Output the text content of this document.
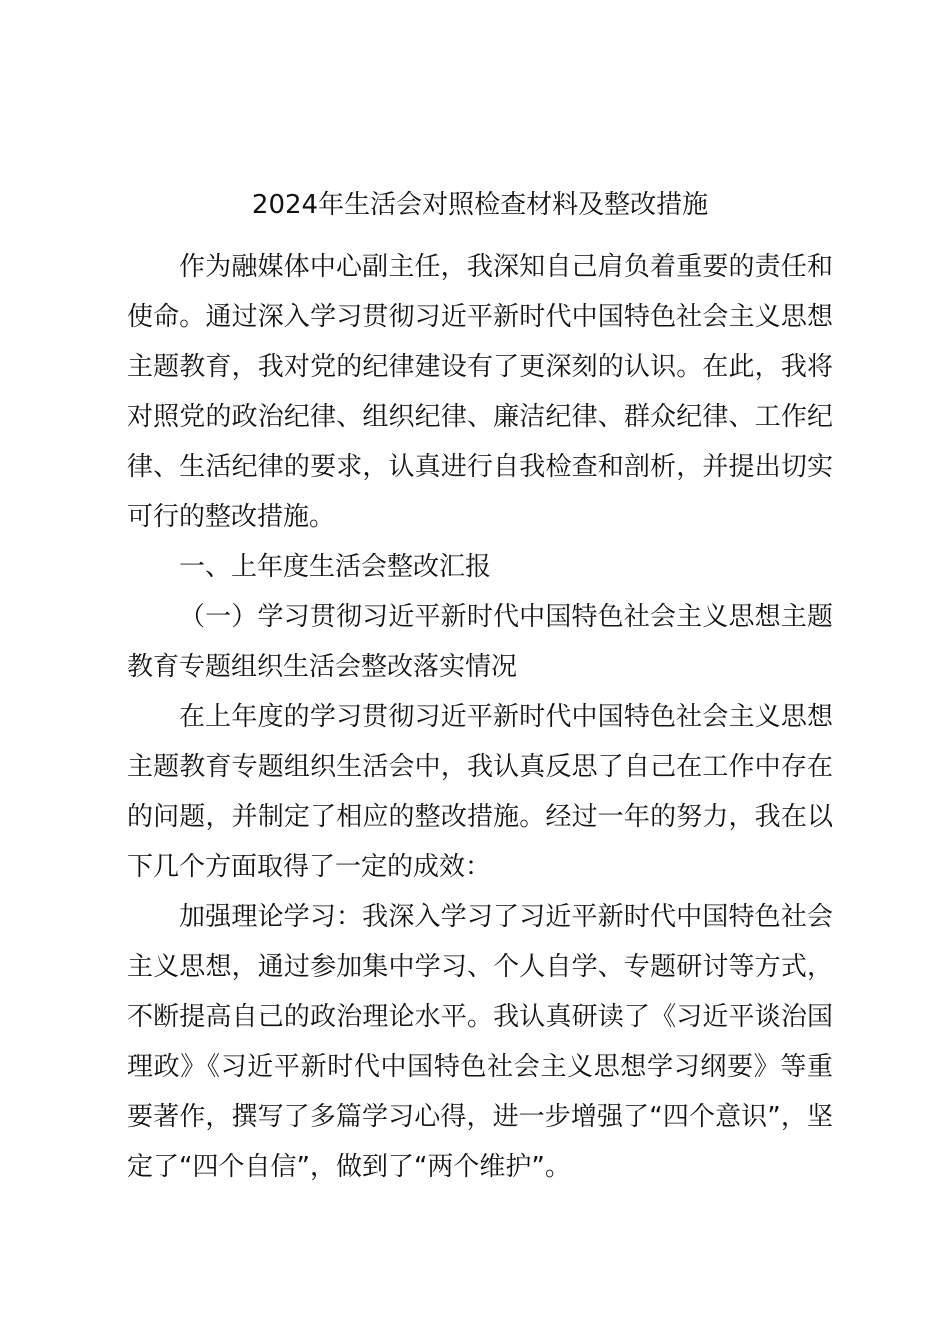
2024年生活会对照检查材料及整改措施

作为融媒体中心副主任，我深知自己肩负着重要的责任和使命。通过深入学习贯彻习近平新时代中国特色社会主义思想主题教育，我对党的纪律建设有了更深刻的认识。在此，我将对照党的政治纪律、组织纪律、廉洁纪律、群众纪律、工作纪律、生活纪律的要求，认真进行自我检查和剖析，并提出切实可行的整改措施。

一、上年度生活会整改汇报

（一）学习贯彻习近平新时代中国特色社会主义思想主题教育专题组织生活会整改落实情况

在上年度的学习贯彻习近平新时代中国特色社会主义思想主题教育专题组织生活会中，我认真反思了自己在工作中存在的问题，并制定了相应的整改措施。经过一年的努力，我在以下几个方面取得了一定的成效：

加强理论学习：我深入学习了习近平新时代中国特色社会主义思想，通过参加集中学习、个人自学、专题研讨等方式，不断提高自己的政治理论水平。我认真研读了《习近平谈治国理政》《习近平新时代中国特色社会主义思想学习纲要》等重要著作，撰写了多篇学习心得，进一步增强了“四个意识”，坚定了“四个自信”，做到了“两个维护”。
